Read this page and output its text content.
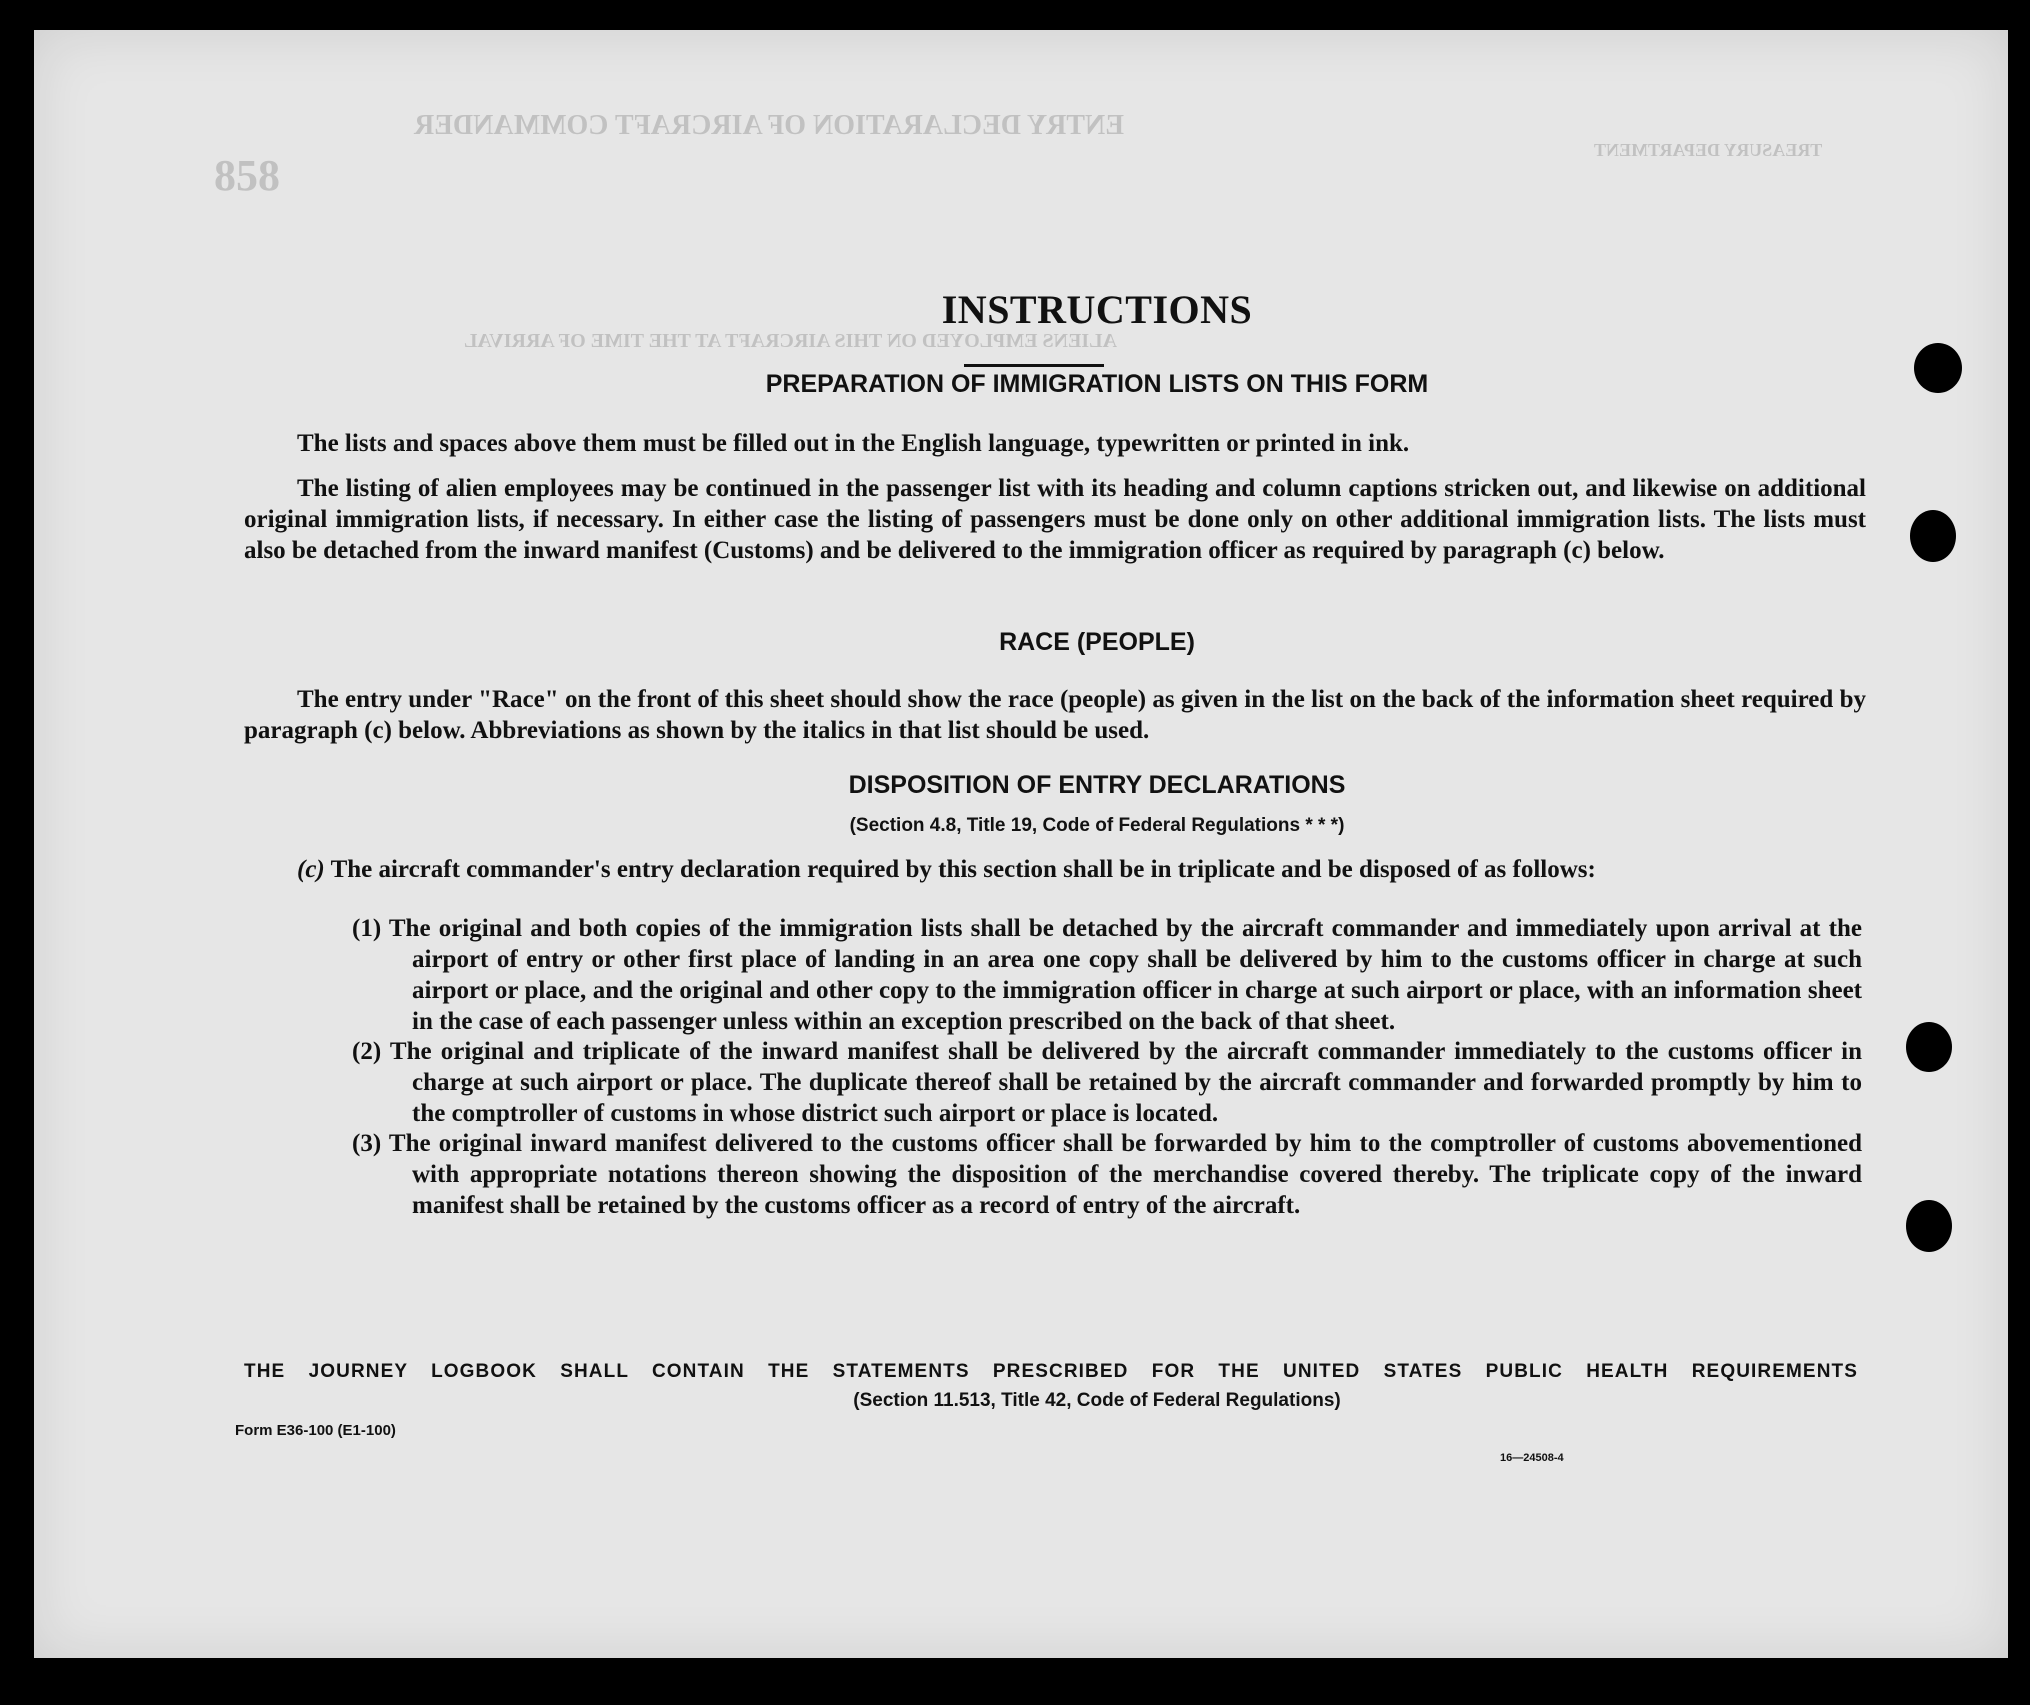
ENTRY DECLARATION OF AIRCRAFT COMMANDER
858
ALIENS EMPLOYED ON THIS AIRCRAFT AT THE TIME OF ARRIVAL
TREASURY DEPARTMENT
INSTRUCTIONS
PREPARATION OF IMMIGRATION LISTS ON THIS FORM
The lists and spaces above them must be filled out in the English language, typewritten or printed in ink.
The listing of alien employees may be continued in the passenger list with its heading and column captions stricken out, and likewise on additional original immigration lists, if necessary. In either case the listing of passengers must be done only on other additional immigration lists. The lists must also be detached from the inward manifest (Customs) and be delivered to the immigration officer as required by paragraph (c) below.
RACE (PEOPLE)
The entry under "Race" on the front of this sheet should show the race (people) as given in the list on the back of the information sheet required by paragraph (c) below. Abbreviations as shown by the italics in that list should be used.
DISPOSITION OF ENTRY DECLARATIONS
(Section 4.8, Title 19, Code of Federal Regulations * * *)
(c) The aircraft commander's entry declaration required by this section shall be in triplicate and be disposed of as follows:
(1) The original and both copies of the immigration lists shall be detached by the aircraft commander and immediately upon arrival at the airport of entry or other first place of landing in an area one copy shall be delivered by him to the customs officer in charge at such airport or place, and the original and other copy to the immigration officer in charge at such airport or place, with an information sheet in the case of each passenger unless within an exception prescribed on the back of that sheet.
(2) The original and triplicate of the inward manifest shall be delivered by the aircraft commander immediately to the customs officer in charge at such airport or place. The duplicate thereof shall be retained by the aircraft commander and forwarded promptly by him to the comptroller of customs in whose district such airport or place is located.
(3) The original inward manifest delivered to the customs officer shall be forwarded by him to the comptroller of customs abovementioned with appropriate notations thereon showing the disposition of the merchandise covered thereby. The triplicate copy of the inward manifest shall be retained by the customs officer as a record of entry of the aircraft.
THE JOURNEY LOGBOOK SHALL CONTAIN THE STATEMENTS PRESCRIBED FOR THE UNITED STATES PUBLIC HEALTH REQUIREMENTS
(Section 11.513, Title 42, Code of Federal Regulations)
Form E36-100 (E1-100)
16—24508-4
